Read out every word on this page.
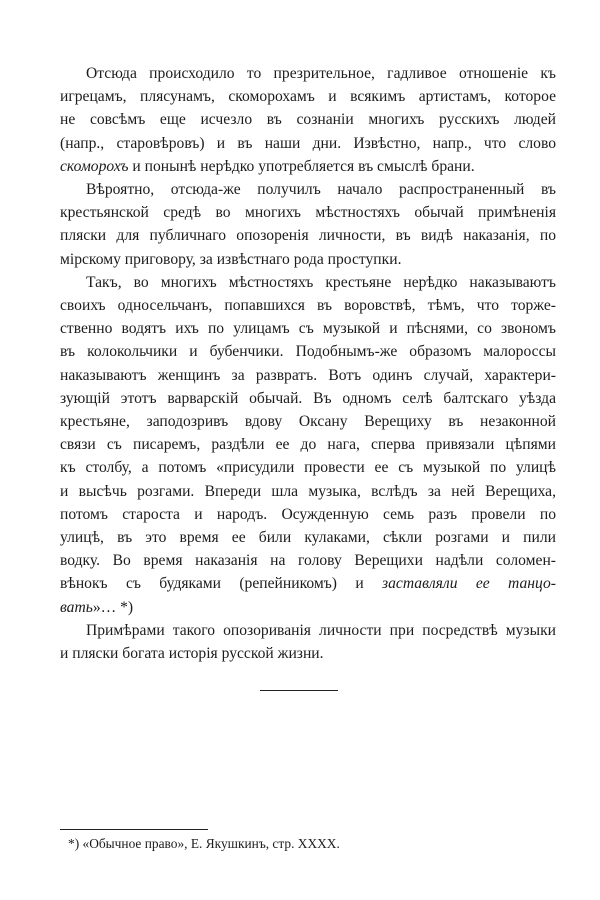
Отсюда происходило то презрительное, гадливое отношеніе къ
игрецамъ, плясунамъ, скоморохамъ и всякимъ артистамъ, которое
не совсѣмъ еще исчезло въ сознаніи многихъ русскихъ людей
(напр., старовѣровъ) и въ наши дни. Извѣстно, напр., что слово
скоморохъ и понынѣ нерѣдко употребляется въ смыслѣ брани.
Вѣроятно, отсюда-же получилъ начало распространенный въ
крестьянской средѣ во многихъ мѣстностяхъ обычай примѣненія
пляски для публичнаго опозоренія личности, въ видѣ наказанія, по
мірскому приговору, за извѣстнаго рода проступки.
Такъ, во многихъ мѣстностяхъ крестьяне нерѣдко наказываютъ
своихъ односельчанъ, попавшихся въ воровствѣ, тѣмъ, что торже-
ственно водятъ ихъ по улицамъ съ музыкой и пѣснями, со звономъ
въ колокольчики и бубенчики. Подобнымъ-же образомъ малороссы
наказываютъ женщинъ за развратъ. Вотъ одинъ случай, характери-
зующій этотъ варварскій обычай. Въ одномъ селѣ балтскаго уѣзда
крестьяне, заподозривъ вдову Оксану Верещиху въ незаконной
связи съ писаремъ, раздѣли ее до нага, сперва привязали цѣпями
къ столбу, а потомъ «присудили провести ее съ музыкой по улицѣ
и высѣчь розгами. Впереди шла музыка, вслѣдъ за ней Верещиха,
потомъ староста и народъ. Осужденную семь разъ провели по
улицѣ, въ это время ее били кулаками, сѣкли розгами и пили
водку. Во время наказанія на голову Верещихи надѣли соломен-
вѣнокъ съ будяками (репейникомъ) и заставляли ее танцо-
вать»… *)
Примѣрами такого опозориванія личности при посредствѣ музыки
и пляски богата исторія русской жизни.
*) «Обычное право», Е. Якушкинъ, стр. XXXX.
